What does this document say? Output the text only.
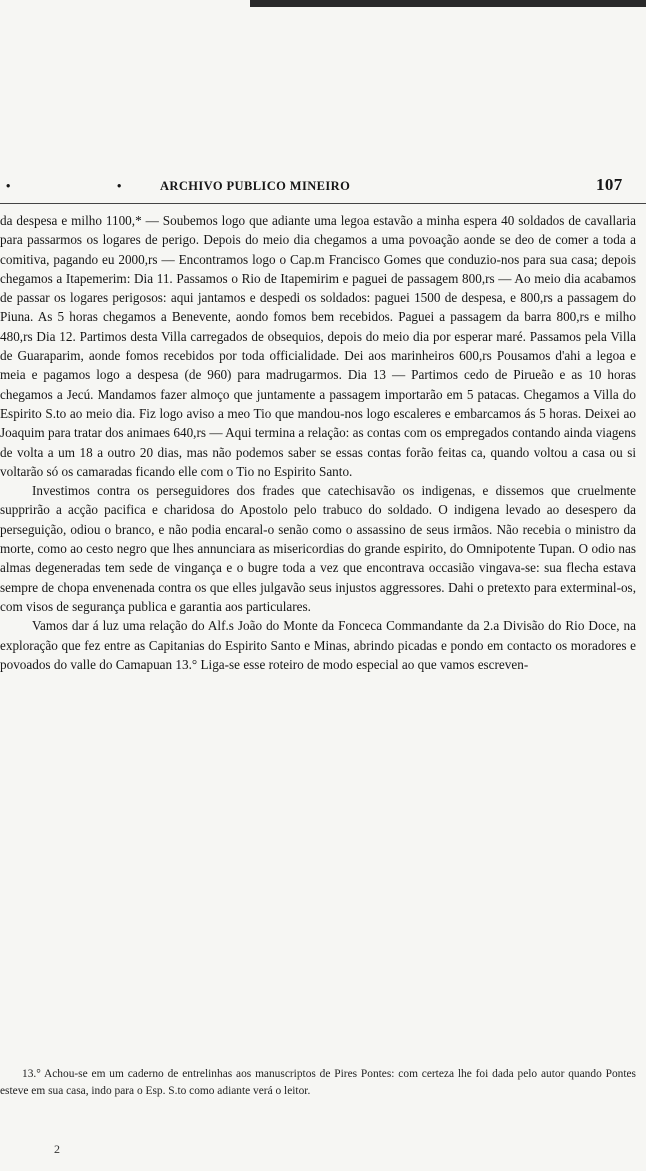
•	•	ARCHIVO PUBLICO MINEIRO	107

da despesa e milho 1100,* — Soubemos logo que adiante uma legoa estavão a minha espera 40 soldados de cavallaria para passarmos os logares de perigo. Depois do meio dia chegamos a uma povoação aonde se deo de comer a toda a comitiva, pagando eu 2000,rs — Encontramos logo o Cap.m Francisco Gomes que conduzio-nos para sua casa; depois chegamos a Itapemerim: Dia 11. Passamos o Rio de Itapemirim e paguei de passagem 800,rs — Ao meio dia acabamos de passar os logares perigosos: aqui jantamos e despedi os soldados: paguei 1500 de despesa, e 800,rs a passagem do Piuna. As 5 horas chegamos a Benevente, aondo fomos bem recebidos. Paguei a passagem da barra 800,rs e milho 480,rs Dia 12. Partimos desta Villa carregados de obsequios, depois do meio dia por esperar maré. Passamos pela Villa de Guaraparim, aonde fomos recebidos por toda officialidade. Dei aos marinheiros 600,rs Pousamos d'ahi a legoa e meia e pagamos logo a despesa (de 960) para madrugarmos. Dia 13 — Partimos cedo de Pirueão e as 10 horas chegamos a Jecú. Mandamos fazer almoço que juntamente a passagem importarão em 5 patacas. Chegamos a Villa do Espirito S.to ao meio dia. Fiz logo aviso a meo Tio que mandou-nos logo escaleres e embarcamos ás 5 horas. Deixei ao Joaquim para tratar dos animaes 640,rs — Aqui termina a relação: as contas com os empregados contando ainda viagens de volta a um 18 a outro 20 dias, mas não podemos saber se essas contas forão feitas ca, quando voltou a casa ou si voltarão só os camaradas ficando elle com o Tio no Espirito Santo.

Investimos contra os perseguidores dos frades que catechisavão os indigenas, e dissemos que cruelmente supprirão a acção pacifica e charidosa do Apostolo pelo trabuco do soldado. O indigena levado ao desespero da perseguição, odiou o branco, e não podia encaral-o senão como o assassino de seus irmãos. Não recebia o ministro da morte, como ao cesto negro que lhes annunciara as misericordias do grande espirito, do Omnipotente Tupan. O odio nas almas degeneradas tem sede de vingança e o bugre toda a vez que encontrava occasião vingava-se: sua flecha estava sempre de chopa envenenada contra os que elles julgavão seus injustos aggressores. Dahi o pretexto para exterminal-os, com visos de segurança publica e garantia aos particulares.

Vamos dar á luz uma relação do Alf.s João do Monte da Fonceca Commandante da 2.a Divisão do Rio Doce, na exploração que fez entre as Capitanias do Espirito Santo e Minas, abrindo picadas e pondo em contacto os moradores e povoados do valle do Camapuan 13.° Liga-se esse roteiro de modo especial ao que vamos escreven-

13.° Achou-se em um caderno de entrelinhas aos manuscriptos de Pires Pontes: com certeza lhe foi dada pelo autor quando Pontes esteve em sua casa, indo para o Esp. S.to como adiante verá o leitor.

2
